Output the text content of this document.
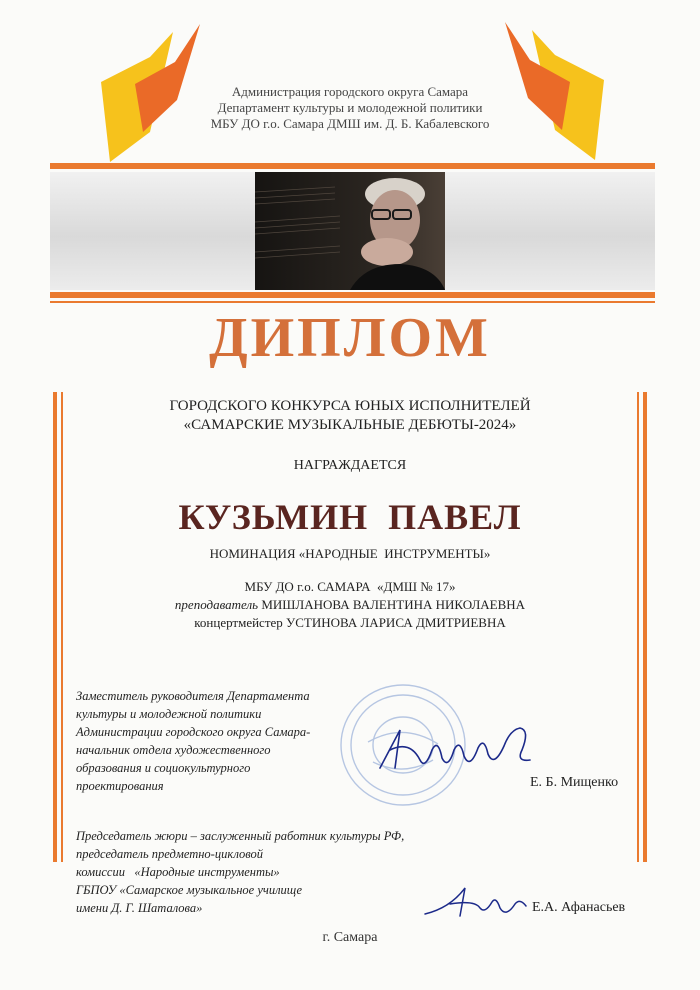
Администрация городского округа Самара
Департамент культуры и молодежной политики
МБУ ДО г.о. Самара ДМШ им. Д. Б. Кабалевского
ДИПЛОМ
ГОРОДСКОГО КОНКУРСА ЮНЫХ ИСПОЛНИТЕЛЕЙ
«САМАРСКИЕ МУЗЫКАЛЬНЫЕ ДЕБЮТЫ-2024»
НАГРАЖДАЕТСЯ
КУЗЬМИН  ПАВЕЛ
НОМИНАЦИЯ «НАРОДНЫЕ  ИНСТРУМЕНТЫ»
МБУ ДО г.о. САМАРА  «ДМШ № 17»
преподаватель МИШЛАНОВА ВАЛЕНТИНА НИКОЛАЕВНА
концертмейстер УСТИНОВА ЛАРИСА ДМИТРИЕВНА
Заместитель руководителя Департамента
культуры и молодежной политики
Администрации городского округа Самара-
начальник отдела художественного
образования и социокультурного
проектирования	Е. Б. Мищенко
Председатель жюри – заслуженный работник культуры РФ,
председатель предметно-цикловой
комиссии   «Народные инструменты»
ГБПОУ «Самарское музыкальное училище
имени Д. Г. Шаталова»	Е.А. Афанасьев
г. Самара
